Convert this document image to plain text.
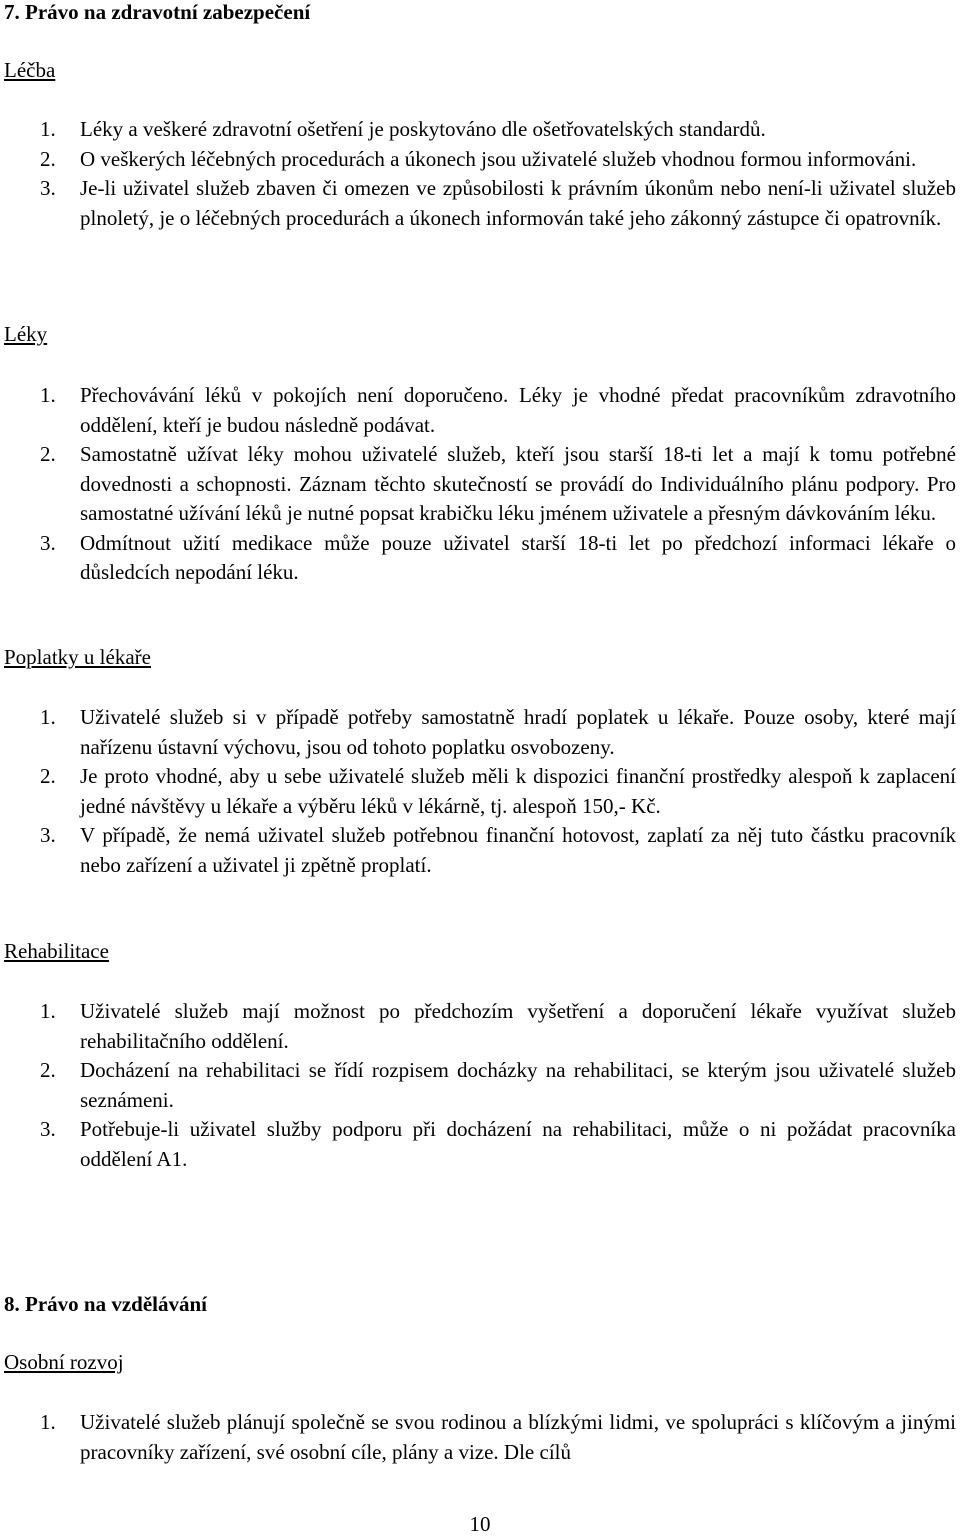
7. Právo na zdravotní zabezpečení
Léčba
1. Léky a veškeré zdravotní ošetření je poskytováno dle ošetřovatelských standardů.
2. O veškerých léčebných procedurách a úkonech jsou uživatelé služeb vhodnou formou informováni.
3. Je-li uživatel služeb zbaven či omezen ve způsobilosti k právním úkonům nebo není-li uživatel služeb plnoletý, je o léčebných procedurách a úkonech informován také jeho zákonný zástupce či opatrovník.
Léky
1. Přechovávání léků v pokojích není doporučeno. Léky je vhodné předat pracovníkům zdravotního oddělení, kteří je budou následně podávat.
2. Samostatně užívat léky mohou uživatelé služeb, kteří jsou starší 18-ti let a mají k tomu potřebné dovednosti a schopnosti. Záznam těchto skutečností se provádí do Individuálního plánu podpory. Pro samostatné užívání léků je nutné popsat krabičku léku jménem uživatele a přesným dávkováním léku.
3. Odmítnout užití medikace může pouze uživatel starší 18-ti let po předchozí informaci lékaře o důsledcích nepodání léku.
Poplatky u lékaře
1. Uživatelé služeb si v případě potřeby samostatně hradí poplatek u lékaře. Pouze osoby, které mají nařízenu ústavní výchovu, jsou od tohoto poplatku osvobozeny.
2. Je proto vhodné, aby u sebe uživatelé služeb měli k dispozici finanční prostředky alespoň k zaplacení jedné návštěvy u lékaře a výběru léků v lékárně, tj. alespoň 150,- Kč.
3. V případě, že nemá uživatel služeb potřebnou finanční hotovost, zaplatí za něj tuto částku pracovník nebo zařízení a uživatel ji zpětně proplatí.
Rehabilitace
1. Uživatelé služeb mají možnost po předchozím vyšetření a doporučení lékaře využívat služeb rehabilitačního oddělení.
2. Docházení na rehabilitaci se řídí rozpisem docházky na rehabilitaci, se kterým jsou uživatelé služeb seznámeni.
3. Potřebuje-li uživatel služby podporu při docházení na rehabilitaci, může o ni požádat pracovníka oddělení A1.
8. Právo na vzdělávání
Osobní rozvoj
1. Uživatelé služeb plánují společně se svou rodinou a blízkými lidmi, ve spolupráci s klíčovým a jinými pracovníky zařízení, své osobní cíle, plány a vize. Dle cílů
10
